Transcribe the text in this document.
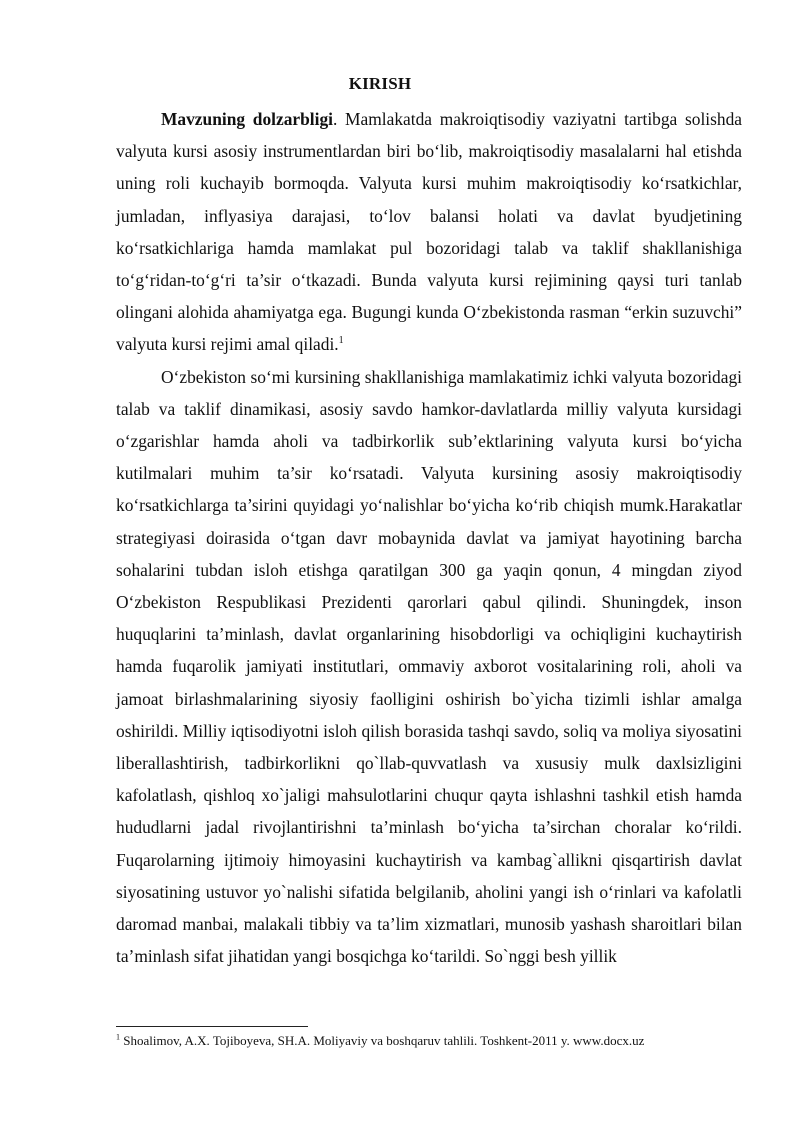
KIRISH

Mavzuning dolzarbligi. Mamlakatda makroiqtisodiy vaziyatni tartibga solishda valyuta kursi asosiy instrumentlardan biri bo‘lib, makroiqtisodiy masalalarni hal etishda uning roli kuchayib bormoqda. Valyuta kursi muhim makroiqtisodiy ko‘rsatkichlar, jumladan, inflyasiya darajasi, to‘lov balansi holati va davlat byudjetining ko‘rsatkichlariga hamda mamlakat pul bozoridagi talab va taklif shakllanishiga to‘g‘ridan-to‘g‘ri ta’sir o‘tkazadi. Bunda valyuta kursi rejimining qaysi turi tanlab olingani alohida ahamiyatga ega. Bugungi kunda O‘zbekistonda rasman “erkin suzuvchi” valyuta kursi rejimi amal qiladi.$^1$

O‘zbekiston so‘mi kursining shakllanishiga mamlakatimiz ichki valyuta bozoridagi talab va taklif dinamikasi, asosiy savdo hamkor-davlatlarda milliy valyuta kursidagi o‘zgarishlar hamda aholi va tadbirkorlik sub’ektlarining valyuta kursi bo‘yicha kutilmalari muhim ta’sir ko‘rsatadi. Valyuta kursining asosiy makroiqtisodiy ko‘rsatkichlarga ta’sirini quyidagi yo‘nalishlar bo‘yicha ko‘rib chiqish mumk.Harakatlar strategiyasi doirasida o‘tgan davr mobaynida davlat va jamiyat hayotining barcha sohalarini tubdan isloh etishga qaratilgan 300 ga yaqin qonun, 4 mingdan ziyod O‘zbekiston Respublikasi Prezidenti qarorlari qabul qilindi. Shuningdek, inson huquqlarini ta’minlash, davlat organlarining hisobdorligi va ochiqligini kuchaytirish hamda fuqarolik jamiyati institutlari, ommaviy axborot vositalarining roli, aholi va jamoat birlashmalarining siyosiy faolligini oshirish bo`yicha tizimli ishlar amalga oshirildi. Milliy iqtisodiyotni isloh qilish borasida tashqi savdo, soliq va moliya siyosatini liberallashtirish, tadbirkorlikni qo`llab-quvvatlash va xususiy mulk daxlsizligini kafolatlash, qishloq xo`jaligi mahsulotlarini chuqur qayta ishlashni tashkil etish hamda hududlarni jadal rivojlantirishni ta’minlash bo‘yicha ta’sirchan choralar ko‘rildi. Fuqarolarning ijtimoiy himoyasini kuchaytirish va kambag`allikni qisqartirish davlat siyosatining ustuvor yo`nalishi sifatida belgilanib, aholini yangi ish o‘rinlari va kafolatli daromad manbai, malakali tibbiy va ta’lim xizmatlari, munosib yashash sharoitlari bilan ta’minlash sifat jihatidan yangi bosqichga ko‘tarildi. So`nggi besh yillik

$^1$ Shoalimov, A.X. Tojiboyeva, SH.A. Moliyaviy va boshqaruv tahlili. Toshkent-2011 y. www.docx.uz
